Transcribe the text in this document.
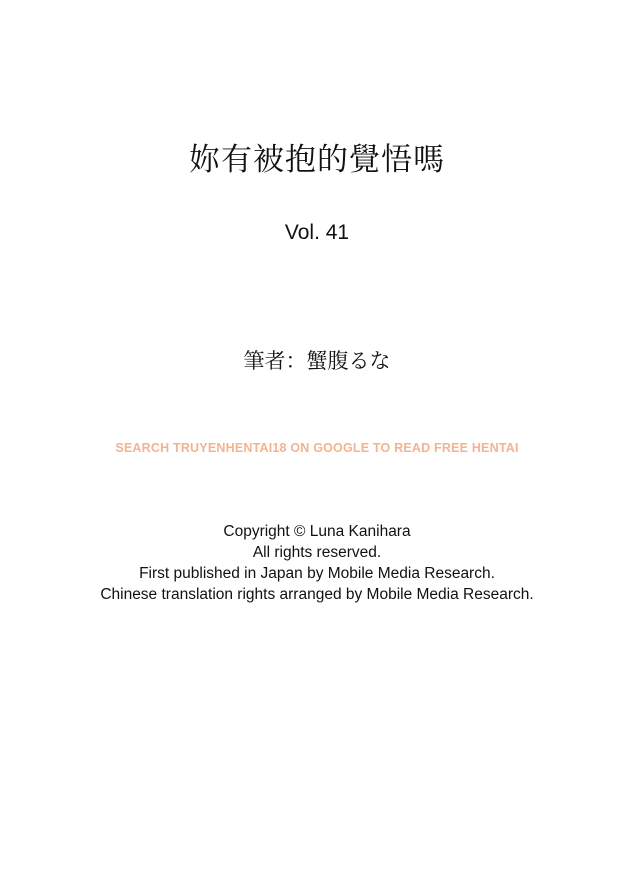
妳有被抱的覺悟嗎
Vol. 41
筆者：蟹腹るな
SEARCH TRUYENHENTAI18 ON GOOGLE TO READ FREE HENTAI
Copyright © Luna Kanihara
All rights reserved.
First published in Japan by Mobile Media Research.
Chinese translation rights arranged by Mobile Media Research.
